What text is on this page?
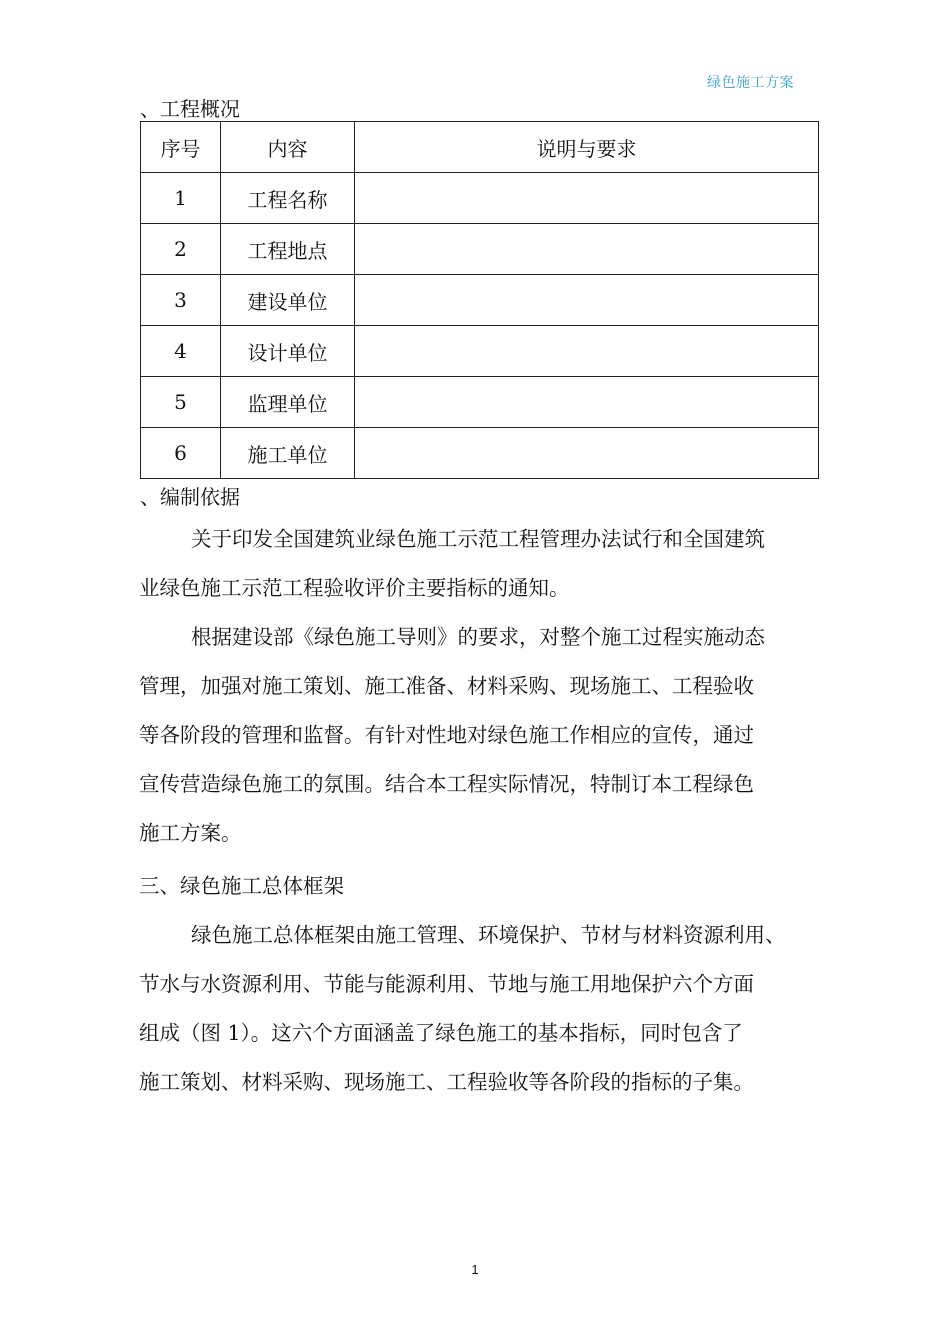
绿色施工方案
、工程概况
序号	内容	说明与要求
1	工程名称	
2	工程地点	
3	建设单位	
4	设计单位	
5	监理单位	
6	施工单位	
、编制依据

关于印发全国建筑业绿色施工示范工程管理办法试行和全国建筑

业绿色施工示范工程验收评价主要指标的通知。

根据建设部《绿色施工导则》的要求，对整个施工过程实施动态

管理，加强对施工策划、施工准备、材料采购、现场施工、工程验收

等各阶段的管理和监督。有针对性地对绿色施工作相应的宣传，通过

宣传营造绿色施工的氛围。结合本工程实际情况，特制订本工程绿色

施工方案。

三、绿色施工总体框架

绿色施工总体框架由施工管理、环境保护、节材与材料资源利用、

节水与水资源利用、节能与能源利用、节地与施工用地保护六个方面

组成（图 1）。这六个方面涵盖了绿色施工的基本指标，同时包含了

施工策划、材料采购、现场施工、工程验收等各阶段的指标的子集。

1
